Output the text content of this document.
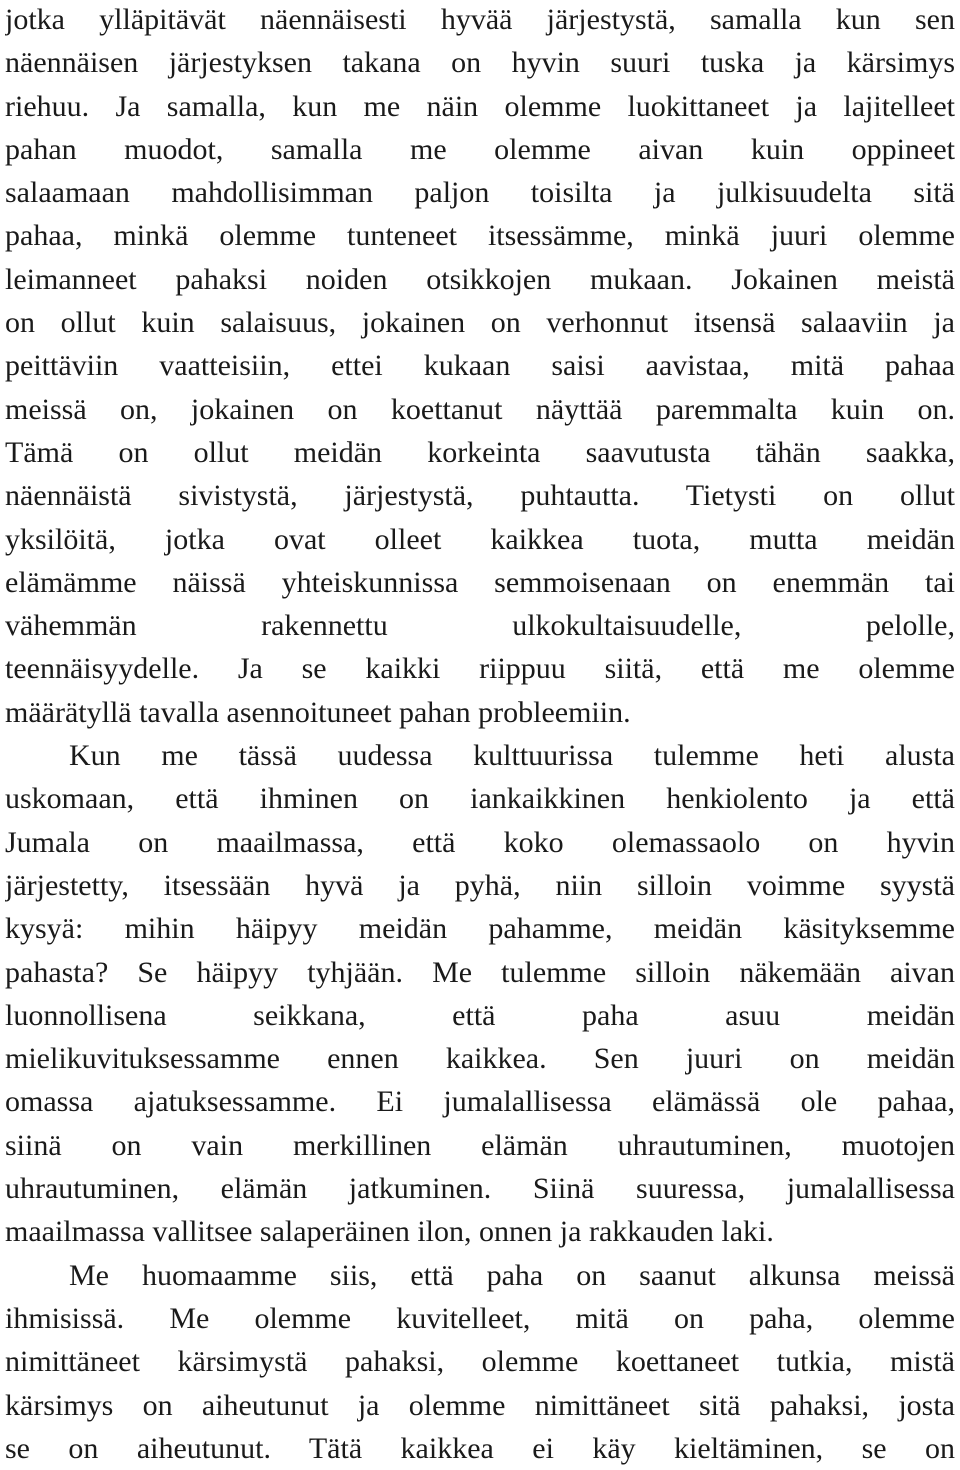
jotka ylläpitävät näennäisesti hyvää järjestystä, samalla kun sen
näennäisen järjestyksen takana on hyvin suuri tuska ja kärsimys
riehuu. Ja samalla, kun me näin olemme luokittaneet ja lajitelleet
pahan muodot, samalla me olemme aivan kuin oppineet
salaamaan mahdollisimman paljon toisilta ja julkisuudelta sitä
pahaa, minkä olemme tunteneet itsessämme, minkä juuri olemme
leimanneet pahaksi noiden otsikkojen mukaan. Jokainen meistä
on ollut kuin salaisuus, jokainen on verhonnut itsensä salaaviin ja
peittäviin vaatteisiin, ettei kukaan saisi aavistaa, mitä pahaa
meissä on, jokainen on koettanut näyttää paremmalta kuin on.
Tämä on ollut meidän korkeinta saavutusta tähän saakka,
näennäistä sivistystä, järjestystä, puhtautta. Tietysti on ollut
yksilöitä, jotka ovat olleet kaikkea tuota, mutta meidän
elämämme näissä yhteiskunnissa semmoisenaan on enemmän tai
vähemmän rakennettu ulkokultaisuudelle, pelolle,
teennäisyydelle. Ja se kaikki riippuu siitä, että me olemme
määrätyllä tavalla asennoituneet pahan probleemiin.
Kun me tässä uudessa kulttuurissa tulemme heti alusta
uskomaan, että ihminen on iankaikkinen henkiolento ja että
Jumala on maailmassa, että koko olemassaolo on hyvin
järjestetty, itsessään hyvä ja pyhä, niin silloin voimme syystä
kysyä: mihin häipyy meidän pahamme, meidän käsityksemme
pahasta? Se häipyy tyhjään. Me tulemme silloin näkemään aivan
luonnollisena seikkana, että paha asuu meidän
mielikuvituksessamme ennen kaikkea. Sen juuri on meidän
omassa ajatuksessamme. Ei jumalallisessa elämässä ole pahaa,
siinä on vain merkillinen elämän uhrautuminen, muotojen
uhrautuminen, elämän jatkuminen. Siinä suuressa, jumalallisessa
maailmassa vallitsee salaperäinen ilon, onnen ja rakkauden laki.
Me huomaamme siis, että paha on saanut alkunsa meissä
ihmisissä. Me olemme kuvitelleet, mitä on paha, olemme
nimittäneet kärsimystä pahaksi, olemme koettaneet tutkia, mistä
kärsimys on aiheutunut ja olemme nimittäneet sitä pahaksi, josta
se on aiheutunut. Tätä kaikkea ei käy kieltäminen, se on
